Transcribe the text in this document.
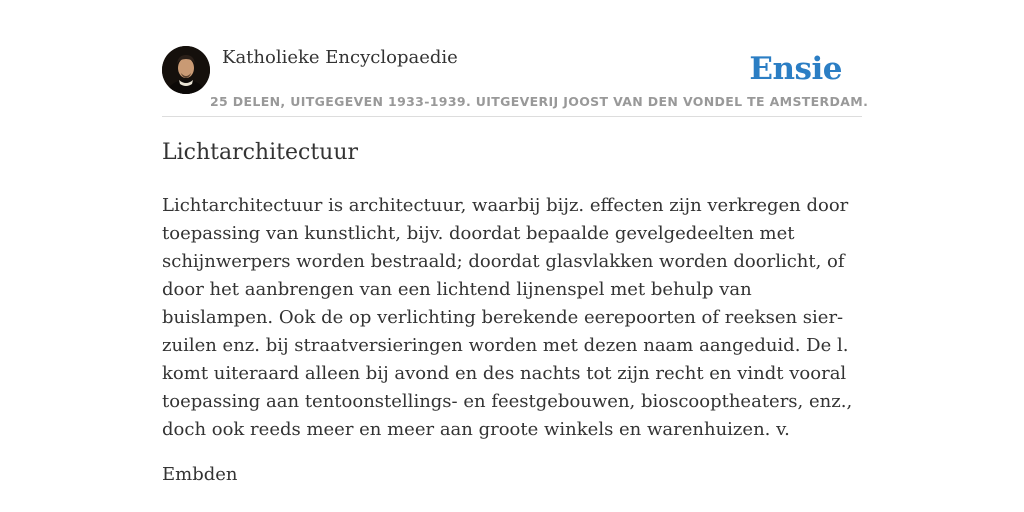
Katholieke Encyclopaedie
25 DELEN, UITGEGEVEN 1933-1939. UITGEVERIJ JOOST VAN DEN VONDEL TE AMSTERDAM.
Ensie
Lichtarchitectuur

Lichtarchitectuur is architectuur, waarbij bijz. effecten zijn verkregen door toepassing van kunstlicht, bijv. doordat bepaalde gevelgedeelten met schijnwerpers worden bestraald; doordat glasvlakken worden doorlicht, of door het aanbrengen van een lichtend lijnenspel met behulp van buislampen. Ook de op verlichting berekende eerepoorten of reeksen sier-zuilen enz. bij straatversieringen worden met dezen naam aangeduid. De l. komt uiteraard alleen bij avond en des nachts tot zijn recht en vindt vooral toepassing aan tentoonstellings- en feestgebouwen, bioscooptheaters, enz., doch ook reeds meer en meer aan groote winkels en warenhuizen. v.

Embden
